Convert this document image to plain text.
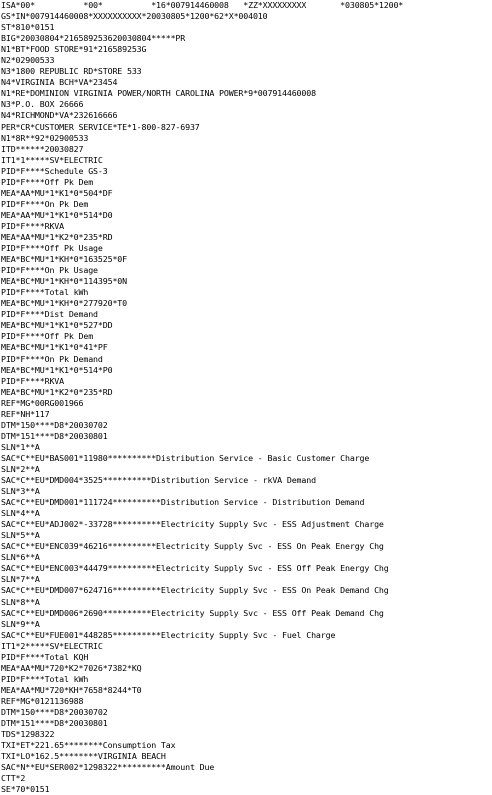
ISA*00*          *00*          *16*007914460008   *ZZ*XXXXXXXXX       *030805*1200*
GS*IN*007914460008*XXXXXXXXXX*20030805*1200*62*X*004010
ST*810*0151
BIG*20030804*216589253620030804*****PR
N1*BT*FOOD STORE*91*216589253G
N2*02900533
N3*1800 REPUBLIC RD*STORE 533
N4*VIRGINIA BCH*VA*23454
N1*RE*DOMINION VIRGINIA POWER/NORTH CAROLINA POWER*9*007914460008
N3*P.O. BOX 26666
N4*RICHMOND*VA*232616666
PER*CR*CUSTOMER SERVICE*TE*1-800-827-6937
N1*8R**92*02900533
ITD******20030827
IT1*1*****SV*ELECTRIC
PID*F****Schedule GS-3
PID*F****Off Pk Dem
MEA*AA*MU*1*K1*0*504*DF
PID*F****On Pk Dem
MEA*AA*MU*1*K1*0*514*D0
PID*F****RKVA
MEA*AA*MU*1*K2*0*235*RD
PID*F****Off Pk Usage
MEA*BC*MU*1*KH*0*163525*0F
PID*F****On Pk Usage
MEA*BC*MU*1*KH*0*114395*0N
PID*F****Total kWh
MEA*BC*MU*1*KH*0*277920*T0
PID*F****Dist Demand
MEA*BC*MU*1*K1*0*527*DD
PID*F****Off Pk Dem
MEA*BC*MU*1*K1*0*41*PF
PID*F****On Pk Demand
MEA*BC*MU*1*K1*0*514*P0
PID*F****RKVA
MEA*BC*MU*1*K2*0*235*RD
REF*MG*00RG001966
REF*NH*117
DTM*150****D8*20030702
DTM*151****D8*20030801
SLN*1**A
SAC*C**EU*BAS001*11980**********Distribution Service - Basic Customer Charge
SLN*2**A
SAC*C**EU*DMD004*3525**********Distribution Service - rkVA Demand
SLN*3**A
SAC*C**EU*DMD001*111724**********Distribution Service - Distribution Demand
SLN*4**A
SAC*C**EU*ADJ002*-33728**********Electricity Supply Svc - ESS Adjustment Charge
SLN*5**A
SAC*C**EU*ENC039*46216**********Electricity Supply Svc - ESS On Peak Energy Chg
SLN*6**A
SAC*C**EU*ENC003*44479**********Electricity Supply Svc - ESS Off Peak Energy Chg
SLN*7**A
SAC*C**EU*DMD007*624716**********Electricity Supply Svc - ESS On Peak Demand Chg
SLN*8**A
SAC*C**EU*DMD006*2690**********Electricity Supply Svc - ESS Off Peak Demand Chg
SLN*9**A
SAC*C**EU*FUE001*448285**********Electricity Supply Svc - Fuel Charge
IT1*2*****SV*ELECTRIC
PID*F****Total KQH
MEA*AA*MU*720*K2*7026*7382*KQ
PID*F****Total kWh
MEA*AA*MU*720*KH*7658*8244*T0
REF*MG*0121136988
DTM*150****D8*20030702
DTM*151****D8*20030801
TDS*1298322
TXI*ET*221.65********Consumption Tax
TXI*LO*162.5********VIRGINIA BEACH
SAC*N**EU*SER002*1298322**********Amount Due
CTT*2
SE*70*0151
